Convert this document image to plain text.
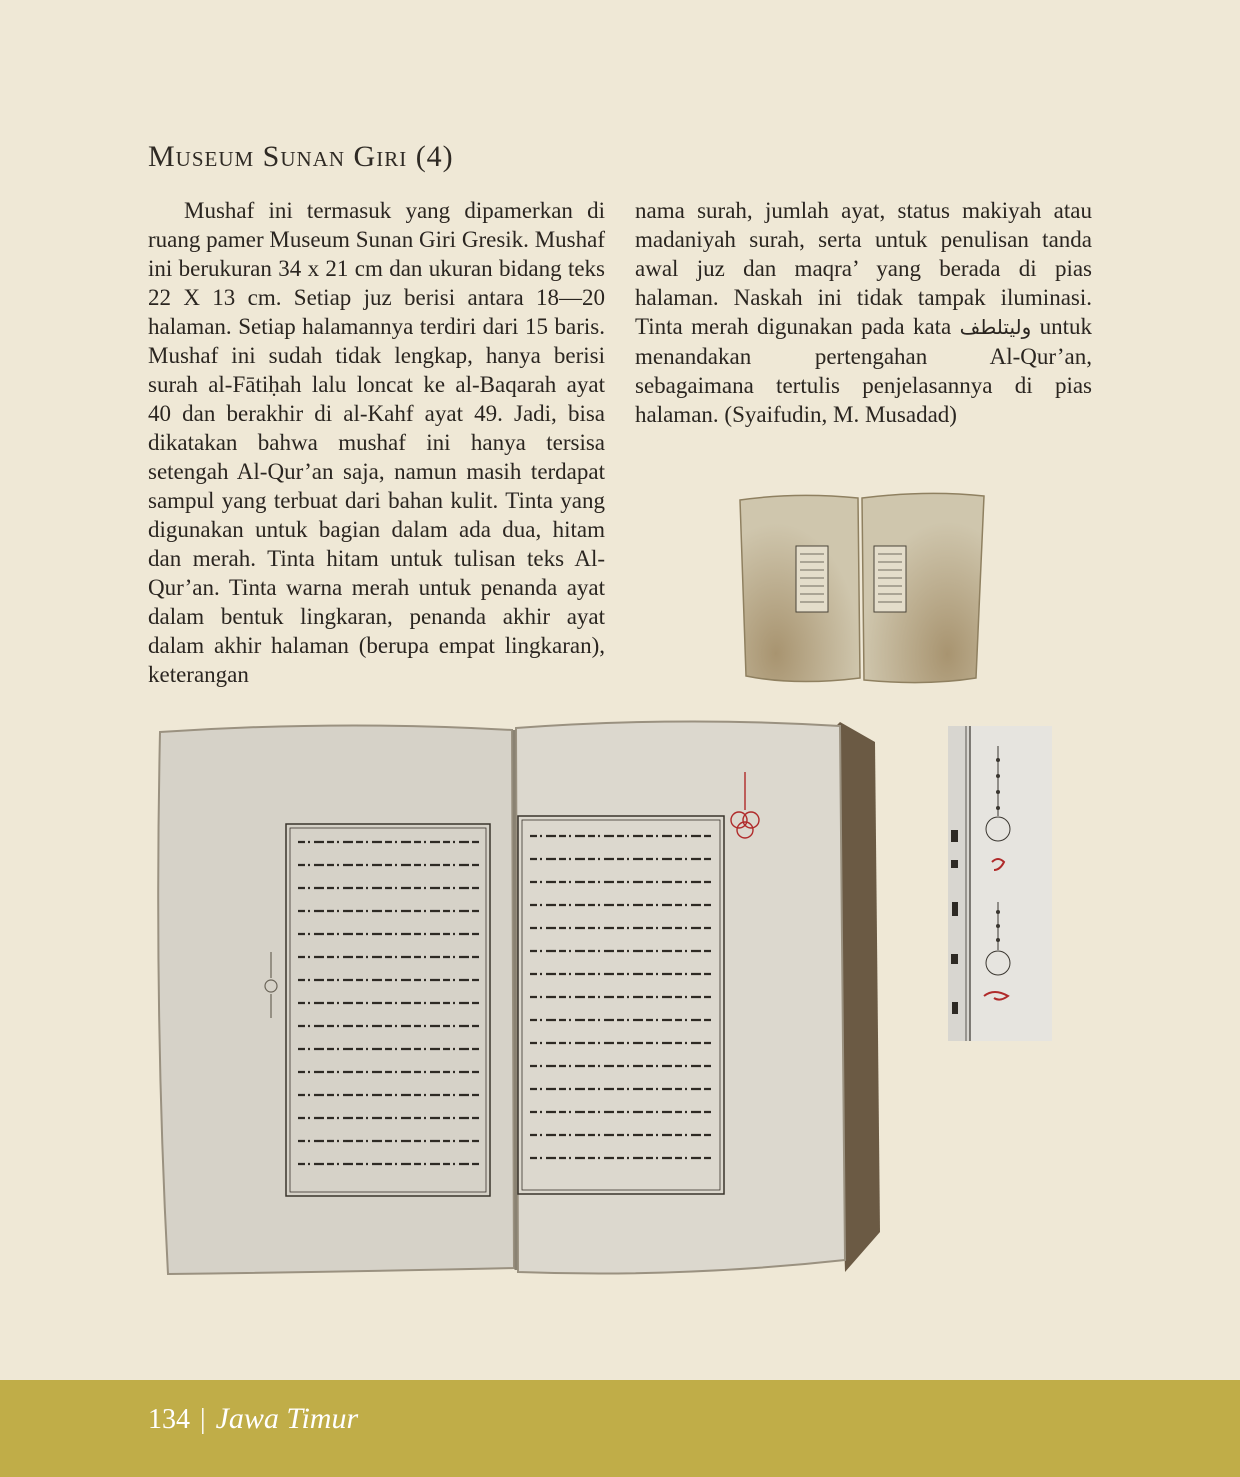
Museum Sunan Giri (4)

Mushaf ini termasuk yang dipamerkan di ruang pamer Museum Sunan Giri Gresik. Mushaf ini berukuran 34 x 21 cm dan ukuran bidang teks 22 X 13 cm. Setiap juz berisi antara 18—20 halaman. Setiap halamannya terdiri dari 15 baris. Mushaf ini sudah tidak lengkap, hanya berisi surah al-Fātiḥah lalu loncat ke al-Baqarah ayat 40 dan berakhir di al-Kahf ayat 49. Jadi, bisa dikatakan bahwa mushaf ini hanya tersisa setengah Al-Qur’an saja, namun masih terdapat sampul yang terbuat dari bahan kulit. Tinta yang digunakan untuk bagian dalam ada dua, hitam dan merah. Tinta hitam untuk tulisan teks Al-Qur’an. Tinta warna merah untuk penanda ayat dalam bentuk lingkaran, penanda akhir ayat dalam akhir halaman (berupa empat lingkaran), keterangan

nama surah, jumlah ayat, status makiyah atau madaniyah surah, serta untuk penulisan tanda awal juz dan maqra’ yang berada di pias halaman. Naskah ini tidak tampak iluminasi. Tinta merah digunakan pada kata وليتلطف untuk menandakan pertengahan Al-Qur’an, sebagaimana tertulis penjelasannya di pias halaman. (Syaifudin, M. Musadad)

134 | Jawa Timur
